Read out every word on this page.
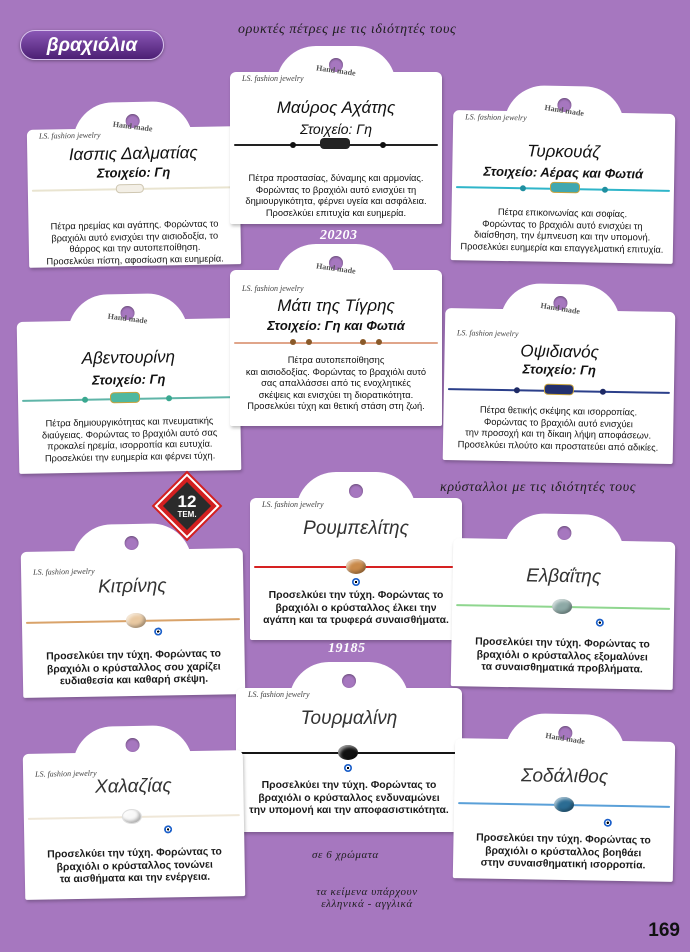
βραχιόλια
ορυκτές πέτρες με τις ιδιότητές τους
κρύσταλλοι με τις ιδιότητές τους
20203
19185
Hand made
LS. fashion jewelry
Ιασπις Δαλματίας
Στοιχείο: Γη
Πέτρα ηρεμίας και αγάπης. Φορώντας το
βραχιόλι αυτό ενισχύει την αισιοδοξία, το
θάρρος και την αυτοπεποίθηση.
Προσελκύει πίστη, αφοσίωση και ευημερία.
Hand made
LS. fashion jewelry
Μαύρος Αχάτης
Στοιχείο: Γη
Πέτρα προστασίας, δύναμης και αρμονίας.
Φορώντας το βραχιόλι αυτό ενισχύει τη
δημιουργικότητα, φέρνει υγεία και ασφάλεια.
Προσελκύει επιτυχία και ευημερία.
Hand made
LS. fashion jewelry
Τυρκουάζ
Στοιχείο: Αέρας και Φωτιά
Πέτρα επικοινωνίας και σοφίας.
Φορώντας το βραχιόλι αυτό ενισχύει τη
διαίσθηση, την έμπνευση και την υπομονή.
Προσελκύει ευημερία και επαγγελματική επιτυχία.
Hand made
Αβεντουρίνη
Στοιχείο: Γη
Πέτρα δημιουργικότητας και πνευματικής
διαύγειας. Φορώντας το βραχιόλι αυτό σας
προκαλεί ηρεμία, ισορροπία και ευτυχία.
Προσελκύει την ευημερία και φέρνει τύχη.
Hand made
LS. fashion jewelry
Μάτι της Τίγρης
Στοιχείο: Γη και Φωτιά
Πέτρα αυτοπεποίθησης
και αισιοδοξίας. Φορώντας το βραχιόλι αυτό
σας απαλλάσσει από τις ενοχλητικές
σκέψεις και ενισχύει τη διορατικότητα.
Προσελκύει τύχη και θετική στάση στη ζωή.
Hand made
LS. fashion jewelry
Οψιδιανός
Στοιχείο: Γη
Πέτρα θετικής σκέψης και ισορροπίας.
Φορώντας το βραχιόλι αυτό ενισχύει
την προσοχή και τη δίκαιη λήψη αποφάσεων.
Προσελκύει πλούτο και προστατεύει από αδικίες.
12
ΤΕΜ.
LS. fashion jewelry
Ρουμπελίτης
Προσελκύει την τύχη. Φορώντας το
βραχιόλι ο κρύσταλλος έλκει την
αγάπη και τα τρυφερά συναισθήματα.
LS. fashion jewelry
Κιτρίνης
Προσελκύει την τύχη. Φορώντας το
βραχιόλι ο κρύσταλλος σου χαρίζει
ευδιαθεσία και καθαρή σκέψη.
Ελβαΐτης
Προσελκύει την τύχη. Φορώντας το
βραχιόλι ο κρύσταλλος εξομαλύνει
τα συναισθηματικά προβλήματα.
LS. fashion jewelry
Τουρμαλίνη
Προσελκύει την τύχη. Φορώντας το
βραχιόλι ο κρύσταλλος ενδυναμώνει
την υπομονή και την αποφασιστικότητα.
LS. fashion jewelry
Χαλαζίας
Προσελκύει την τύχη. Φορώντας το
βραχιόλι ο κρύσταλλος τονώνει
τα αισθήματα και την ενέργεια.
Hand made
Σοδάλιθος
Προσελκύει την τύχη. Φορώντας το
βραχιόλι ο κρύσταλλος βοηθάει
στην συναισθηματική ισορροπία.
σε 6 χρώματα
τα κείμενα υπάρχουν
ελληνικά - αγγλικά
169
